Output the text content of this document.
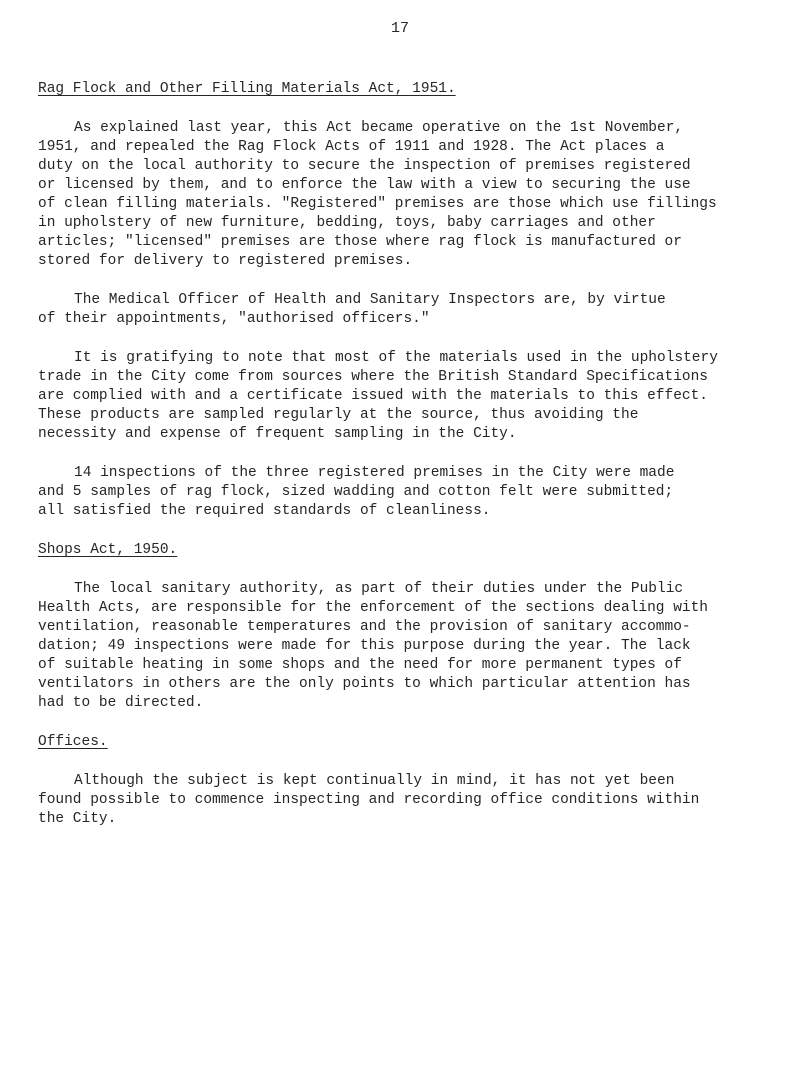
17
Rag Flock and Other Filling Materials Act, 1951.

As explained last year, this Act became operative on the 1st November,
1951, and repealed the Rag Flock Acts of 1911 and 1928. The Act places a
duty on the local authority to secure the inspection of premises registered
or licensed by them, and to enforce the law with a view to securing the use
of clean filling materials. "Registered" premises are those which use fillings
in upholstery of new furniture, bedding, toys, baby carriages and other
articles; "licensed" premises are those where rag flock is manufactured or
stored for delivery to registered premises.

The Medical Officer of Health and Sanitary Inspectors are, by virtue
of their appointments, "authorised officers."

It is gratifying to note that most of the materials used in the upholstery
trade in the City come from sources where the British Standard Specifications
are complied with and a certificate issued with the materials to this effect.
These products are sampled regularly at the source, thus avoiding the
necessity and expense of frequent sampling in the City.

14 inspections of the three registered premises in the City were made
and 5 samples of rag flock, sized wadding and cotton felt were submitted;
all satisfied the required standards of cleanliness.

Shops Act, 1950.

The local sanitary authority, as part of their duties under the Public
Health Acts, are responsible for the enforcement of the sections dealing with
ventilation, reasonable temperatures and the provision of sanitary accommo-
dation; 49 inspections were made for this purpose during the year. The lack
of suitable heating in some shops and the need for more permanent types of
ventilators in others are the only points to which particular attention has
had to be directed.

Offices.

Although the subject is kept continually in mind, it has not yet been
found possible to commence inspecting and recording office conditions within
the City.
